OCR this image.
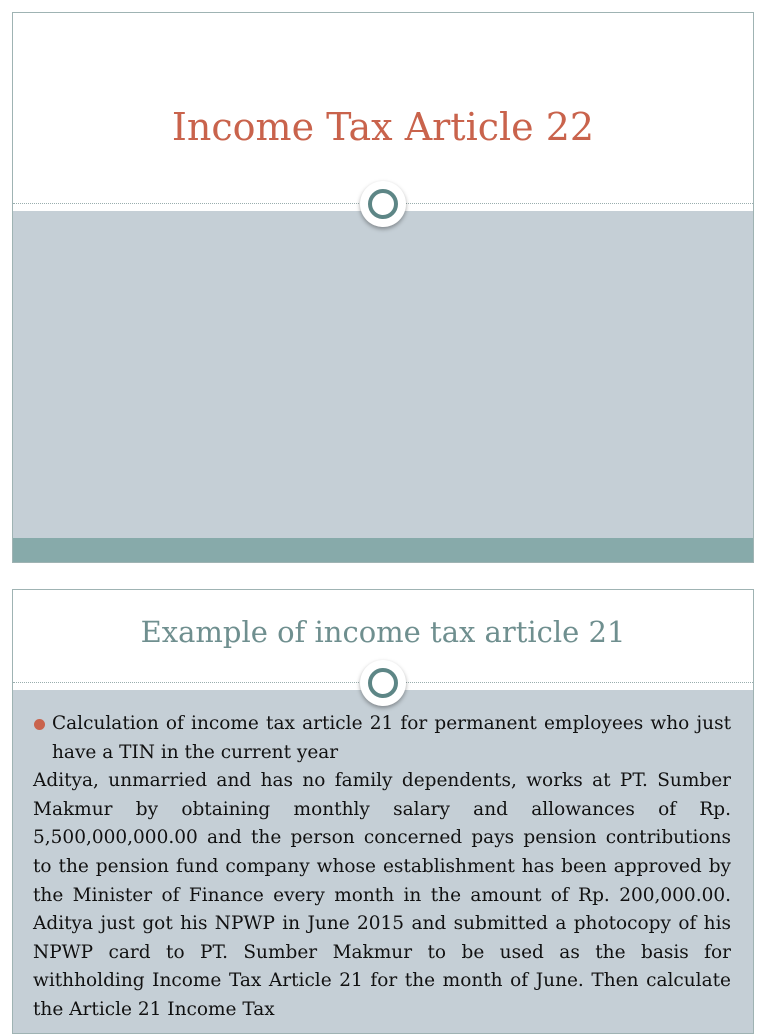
Income Tax Article 22
Example of income tax article 21
Calculation of income tax article 21 for permanent employees who just have a TIN in the current year

Aditya, unmarried and has no family dependents, works at PT. Sumber Makmur by obtaining monthly salary and allowances of Rp. 5,500,000,000.00 and the person concerned pays pension contributions to the pension fund company whose establishment has been approved by the Minister of Finance every month in the amount of Rp. 200,000.00. Aditya just got his NPWP in June 2015 and submitted a photocopy of his NPWP card to PT. Sumber Makmur to be used as the basis for withholding Income Tax Article 21 for the month of June. Then calculate the Article 21 Income Tax
